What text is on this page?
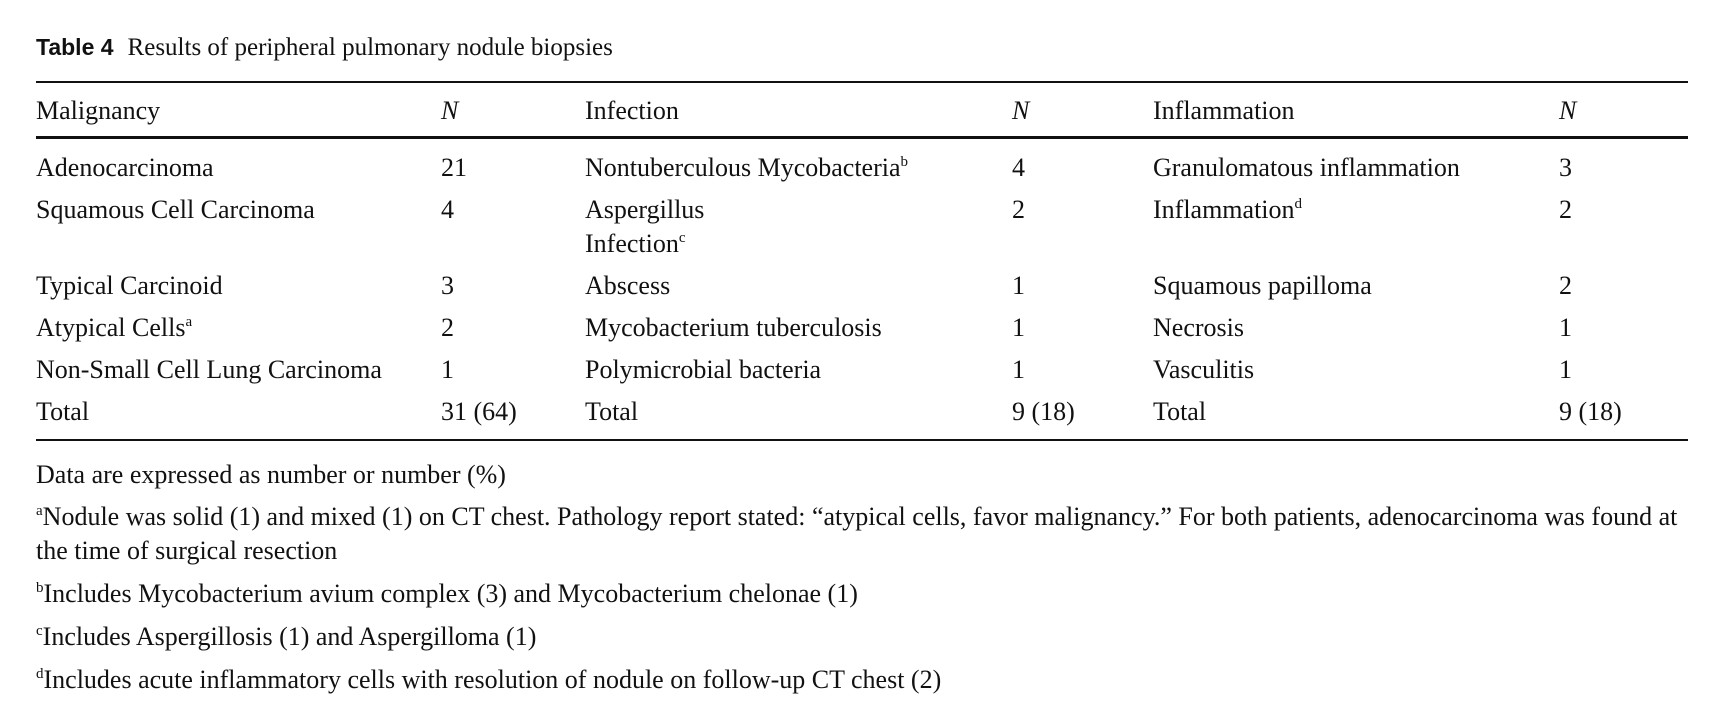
Table 4 Results of peripheral pulmonary nodule biopsies
Malignancy	N	Infection	N	Inflammation	N
Adenocarcinoma	21	Nontuberculous Mycobacteria$^b$	4	Granulomatous inflammation	3
Squamous Cell Carcinoma	4	Aspergillus Infection$^c$	2	Inflammation$^d$	2
Typical Carcinoid	3	Abscess	1	Squamous papilloma	2
Atypical Cells$^a$	2	Mycobacterium tuberculosis	1	Necrosis	1
Non-Small Cell Lung Carcinoma	1	Polymicrobial bacteria	1	Vasculitis	1
Total	31 (64)	Total	9 (18)	Total	9 (18)

Data are expressed as number or number (%)

$^a$Nodule was solid (1) and mixed (1) on CT chest. Pathology report stated: “atypical cells, favor malignancy.” For both patients, adenocarcinoma was found at the time of surgical resection

$^b$Includes Mycobacterium avium complex (3) and Mycobacterium chelonae (1)

$^c$Includes Aspergillosis (1) and Aspergilloma (1)

$^d$Includes acute inflammatory cells with resolution of nodule on follow-up CT chest (2)
